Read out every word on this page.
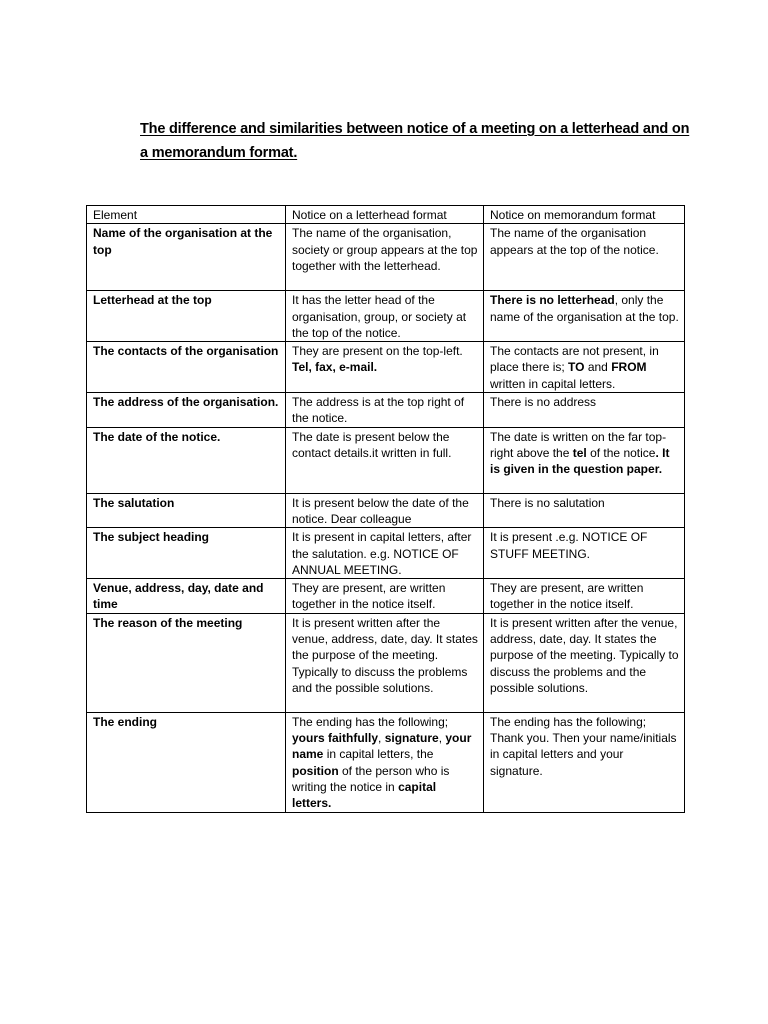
The difference and similarities between notice of a meeting on a letterhead and on a memorandum format.
Element	Notice on a letterhead format	Notice on memorandum format
Name of the organisation at the top	The name of the organisation, society or group appears at the top together with the letterhead.	The name of the organisation appears at the top of the notice.
Letterhead at the top	It has the letter head of the organisation, group, or society at the top of the notice.	There is no letterhead, only the name of the organisation at the top.
The contacts of the organisation	They are present on the top-left. Tel, fax, e-mail.	The contacts are not present, in place there is; TO and FROM written in capital letters.
The address of the organisation.	The address is at the top right of the notice.	There is no address
The date of the notice.	The date is present below the contact details.it written in full.	The date is written on the far top-right above the tel of the notice. It is given in the question paper.
The salutation	It is present below the date of the notice. Dear colleague	There is no salutation
The subject heading	It is present in capital letters, after the salutation. e.g. NOTICE OF ANNUAL MEETING.	It is present .e.g. NOTICE OF STUFF MEETING.
Venue, address, day, date and time	They are present, are written together in the notice itself.	They are present, are written together in the notice itself.
The reason of the meeting	It is present written after the venue, address, date, day. It states the purpose of the meeting. Typically to discuss the problems and the possible solutions.	It is present written after the venue, address, date, day. It states the purpose of the meeting. Typically to discuss the problems and the possible solutions.
The ending	The ending has the following; yours faithfully, signature, your name in capital letters, the position of the person who is writing the notice in capital letters.	The ending has the following; Thank you. Then your name/initials in capital letters and your signature.
